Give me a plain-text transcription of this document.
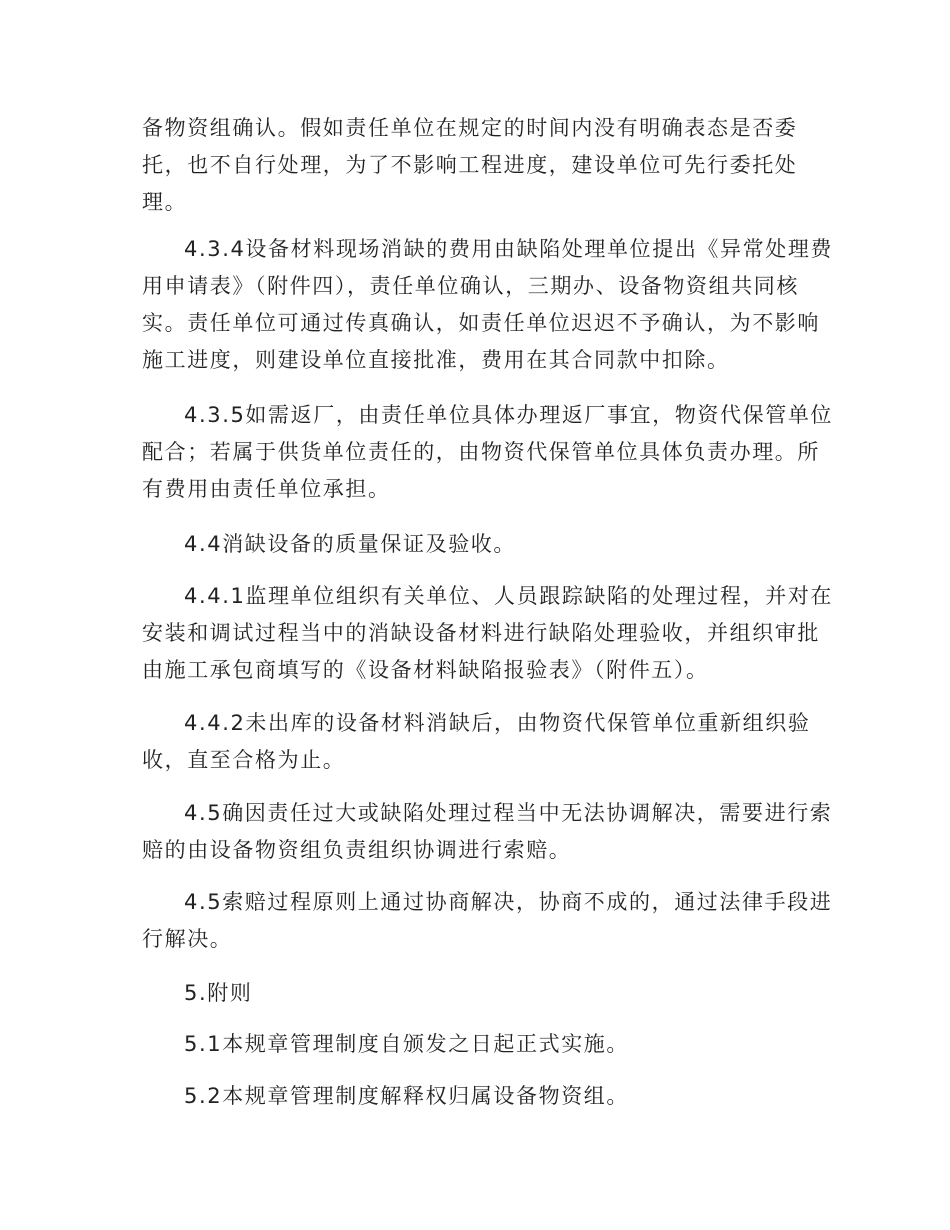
备物资组确认。假如责任单位在规定的时间内没有明确表态是否委
托，也不自行处理，为了不影响工程进度，建设单位可先行委托处
理。

4.3.4设备材料现场消缺的费用由缺陷处理单位提出《异常处理费
用申请表》（附件四），责任单位确认，三期办、设备物资组共同核
实。责任单位可通过传真确认，如责任单位迟迟不予确认，为不影响
施工进度，则建设单位直接批准，费用在其合同款中扣除。

4.3.5如需返厂，由责任单位具体办理返厂事宜，物资代保管单位
配合；若属于供货单位责任的，由物资代保管单位具体负责办理。所
有费用由责任单位承担。

4.4消缺设备的质量保证及验收。

4.4.1监理单位组织有关单位、人员跟踪缺陷的处理过程，并对在
安装和调试过程当中的消缺设备材料进行缺陷处理验收，并组织审批
由施工承包商填写的《设备材料缺陷报验表》（附件五）。

4.4.2未出库的设备材料消缺后，由物资代保管单位重新组织验
收，直至合格为止。

4.5确因责任过大或缺陷处理过程当中无法协调解决，需要进行索
赔的由设备物资组负责组织协调进行索赔。

4.5索赔过程原则上通过协商解决，协商不成的，通过法律手段进
行解决。

5.附则

5.1本规章管理制度自颁发之日起正式实施。

5.2本规章管理制度解释权归属设备物资组。
